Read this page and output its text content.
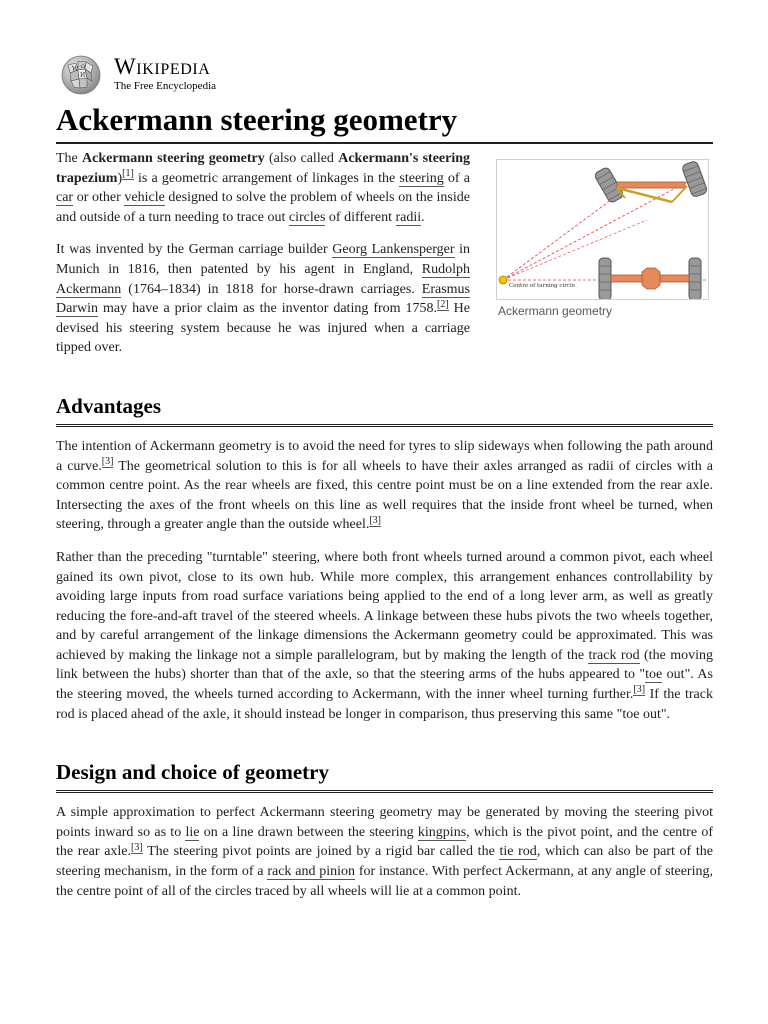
W Ω
И Wikipedia
The Free Encyclopedia
Ackermann steering geometry

The Ackermann steering geometry (also called Ackermann's steering trapezium)[1] is a geometric arrangement of linkages in the steering of a car or other vehicle designed to solve the problem of wheels on the inside and outside of a turn needing to trace out circles of different radii.

It was invented by the German carriage builder Georg Lankensperger in Munich in 1816, then patented by his agent in England, Rudolph Ackermann (1764–1834) in 1818 for horse-drawn carriages. Erasmus Darwin may have a prior claim as the inventor dating from 1758.[2] He devised his steering system because he was injured when a carriage tipped over.

Centre of turning circle
Ackermann geometry
Advantages

The intention of Ackermann geometry is to avoid the need for tyres to slip sideways when following the path around a curve.[3] The geometrical solution to this is for all wheels to have their axles arranged as radii of circles with a common centre point. As the rear wheels are fixed, this centre point must be on a line extended from the rear axle. Intersecting the axes of the front wheels on this line as well requires that the inside front wheel be turned, when steering, through a greater angle than the outside wheel.[3]

Rather than the preceding "turntable" steering, where both front wheels turned around a common pivot, each wheel gained its own pivot, close to its own hub. While more complex, this arrangement enhances controllability by avoiding large inputs from road surface variations being applied to the end of a long lever arm, as well as greatly reducing the fore-and-aft travel of the steered wheels. A linkage between these hubs pivots the two wheels together, and by careful arrangement of the linkage dimensions the Ackermann geometry could be approximated. This was achieved by making the linkage not a simple parallelogram, but by making the length of the track rod (the moving link between the hubs) shorter than that of the axle, so that the steering arms of the hubs appeared to "toe out". As the steering moved, the wheels turned according to Ackermann, with the inner wheel turning further.[3] If the track rod is placed ahead of the axle, it should instead be longer in comparison, thus preserving this same "toe out".

Design and choice of geometry

A simple approximation to perfect Ackermann steering geometry may be generated by moving the steering pivot points inward so as to lie on a line drawn between the steering kingpins, which is the pivot point, and the centre of the rear axle.[3] The steering pivot points are joined by a rigid bar called the tie rod, which can also be part of the steering mechanism, in the form of a rack and pinion for instance. With perfect Ackermann, at any angle of steering, the centre point of all of the circles traced by all wheels will lie at a common point.
